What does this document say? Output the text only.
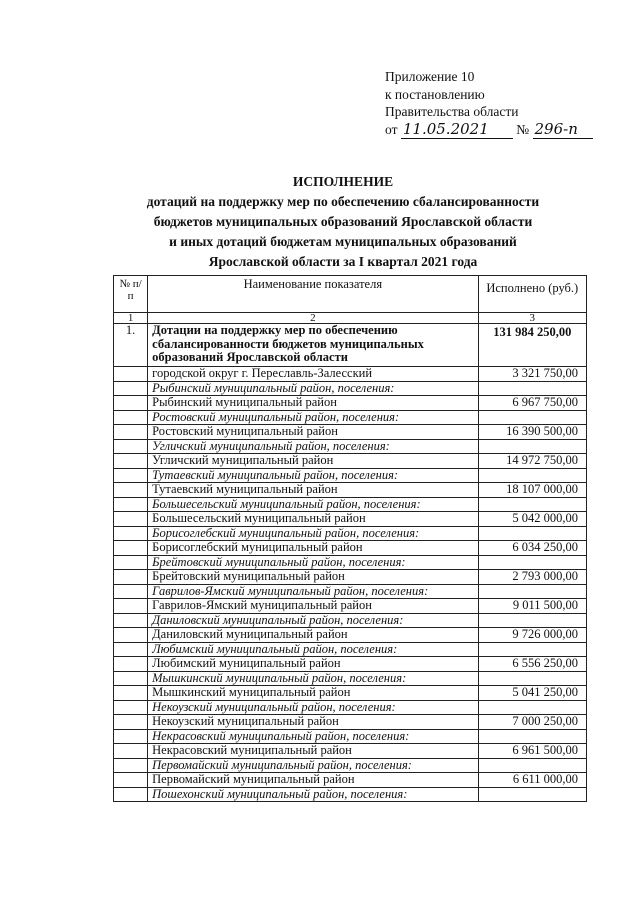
Приложение 10
к постановлению
Правительства области
от 11.05.2021 № 296-п
ИСПОЛНЕНИЕ
дотаций на поддержку мер по обеспечению сбалансированности
бюджетов муниципальных образований Ярославской области
и иных дотаций бюджетам муниципальных образований
Ярославской области за I квартал 2021 года
№ п/п	Наименование показателя	Исполнено (руб.)
1	2	3
1.	Дотации на поддержку мер по обеспечению сбалансированности бюджетов муниципальных образований Ярославской области	131 984 250,00
	городской округ г. Переславль-Залесский	3 321 750,00
	Рыбинский муниципальный район, поселения:	
	Рыбинский муниципальный район	6 967 750,00
	Ростовский муниципальный район, поселения:	
	Ростовский муниципальный район	16 390 500,00
	Угличский муниципальный район, поселения:	
	Угличский муниципальный район	14 972 750,00
	Тутаевский муниципальный район, поселения:	
	Тутаевский муниципальный район	18 107 000,00
	Большесельский муниципальный район, поселения:	
	Большесельский муниципальный район	5 042 000,00
	Борисоглебский муниципальный район, поселения:	
	Борисоглебский муниципальный район	6 034 250,00
	Брейтовский муниципальный район, поселения:	
	Брейтовский муниципальный район	2 793 000,00
	Гаврилов-Ямский муниципальный район, поселения:	
	Гаврилов-Ямский муниципальный район	9 011 500,00
	Даниловский муниципальный район, поселения:	
	Даниловский муниципальный район	9 726 000,00
	Любимский муниципальный район, поселения:	
	Любимский муниципальный район	6 556 250,00
	Мышкинский муниципальный район, поселения:	
	Мышкинский муниципальный район	5 041 250,00
	Некоузский муниципальный район, поселения:	
	Некоузский муниципальный район	7 000 250,00
	Некрасовский муниципальный район, поселения:	
	Некрасовский муниципальный район	6 961 500,00
	Первомайский муниципальный район, поселения:	
	Первомайский муниципальный район	6 611 000,00
	Пошехонский муниципальный район, поселения:	
